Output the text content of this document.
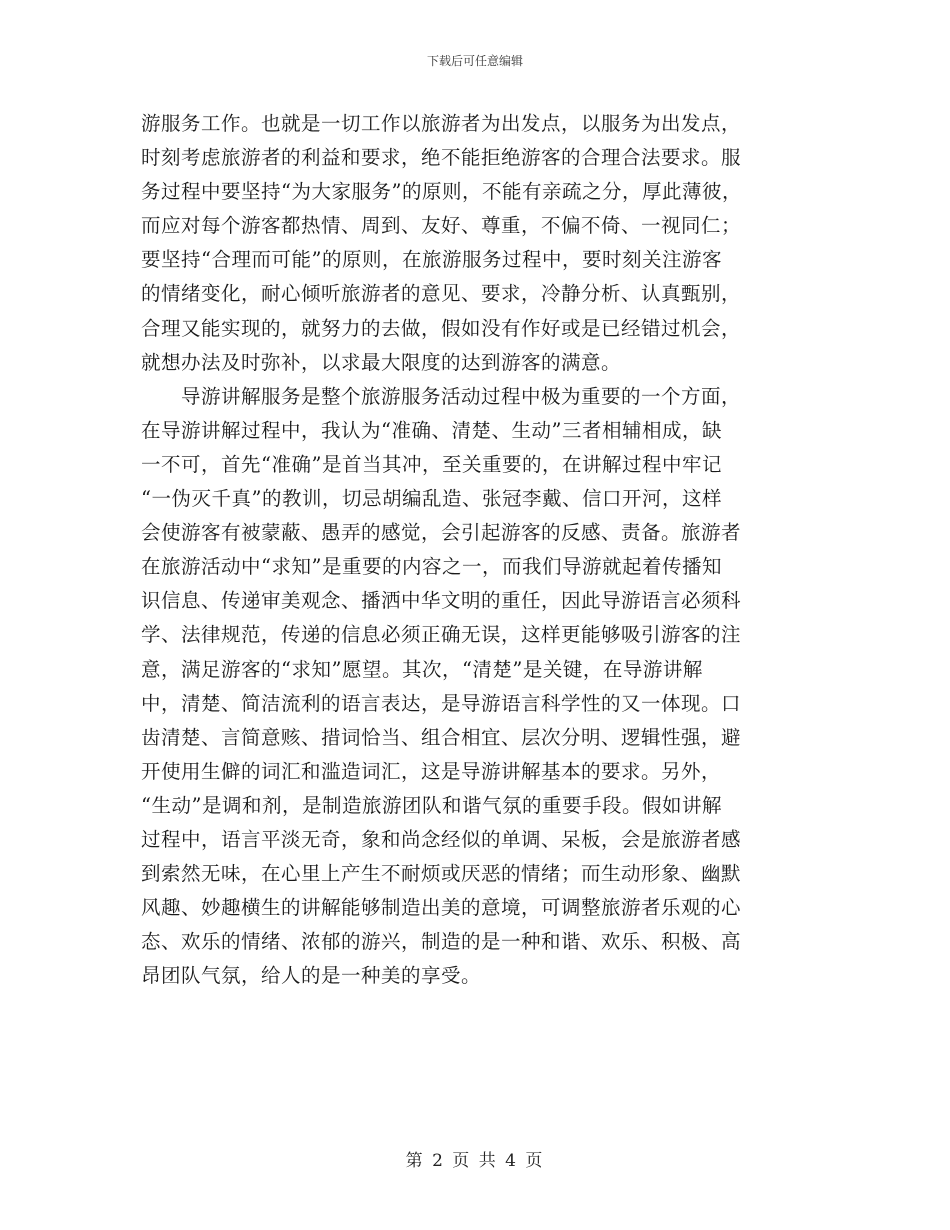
下载后可任意编辑
游服务工作。也就是一切工作以旅游者为出发点，以服务为出发点，
时刻考虑旅游者的利益和要求，绝不能拒绝游客的合理合法要求。服
务过程中要坚持“为大家服务”的原则，不能有亲疏之分，厚此薄彼，
而应对每个游客都热情、周到、友好、尊重，不偏不倚、一视同仁；
要坚持“合理而可能”的原则，在旅游服务过程中，要时刻关注游客
的情绪变化，耐心倾听旅游者的意见、要求，冷静分析、认真甄别，
合理又能实现的，就努力的去做，假如没有作好或是已经错过机会，
就想办法及时弥补，以求最大限度的达到游客的满意。
导游讲解服务是整个旅游服务活动过程中极为重要的一个方面，
在导游讲解过程中，我认为“准确、清楚、生动”三者相辅相成，缺
一不可，首先“准确”是首当其冲，至关重要的，在讲解过程中牢记
“一伪灭千真”的教训，切忌胡编乱造、张冠李戴、信口开河，这样
会使游客有被蒙蔽、愚弄的感觉，会引起游客的反感、责备。旅游者
在旅游活动中“求知”是重要的内容之一，而我们导游就起着传播知
识信息、传递审美观念、播洒中华文明的重任，因此导游语言必须科
学、法律规范，传递的信息必须正确无误，这样更能够吸引游客的注
意，满足游客的“求知”愿望。其次，“清楚”是关键，在导游讲解
中，清楚、简洁流利的语言表达，是导游语言科学性的又一体现。口
齿清楚、言简意赅、措词恰当、组合相宜、层次分明、逻辑性强，避
开使用生僻的词汇和滥造词汇，这是导游讲解基本的要求。另外，
“生动”是调和剂，是制造旅游团队和谐气氛的重要手段。假如讲解
过程中，语言平淡无奇，象和尚念经似的单调、呆板，会是旅游者感
到索然无味，在心里上产生不耐烦或厌恶的情绪；而生动形象、幽默
风趣、妙趣横生的讲解能够制造出美的意境，可调整旅游者乐观的心
态、欢乐的情绪、浓郁的游兴，制造的是一种和谐、欢乐、积极、高
昂团队气氛，给人的是一种美的享受。
第 2 页 共 4 页
